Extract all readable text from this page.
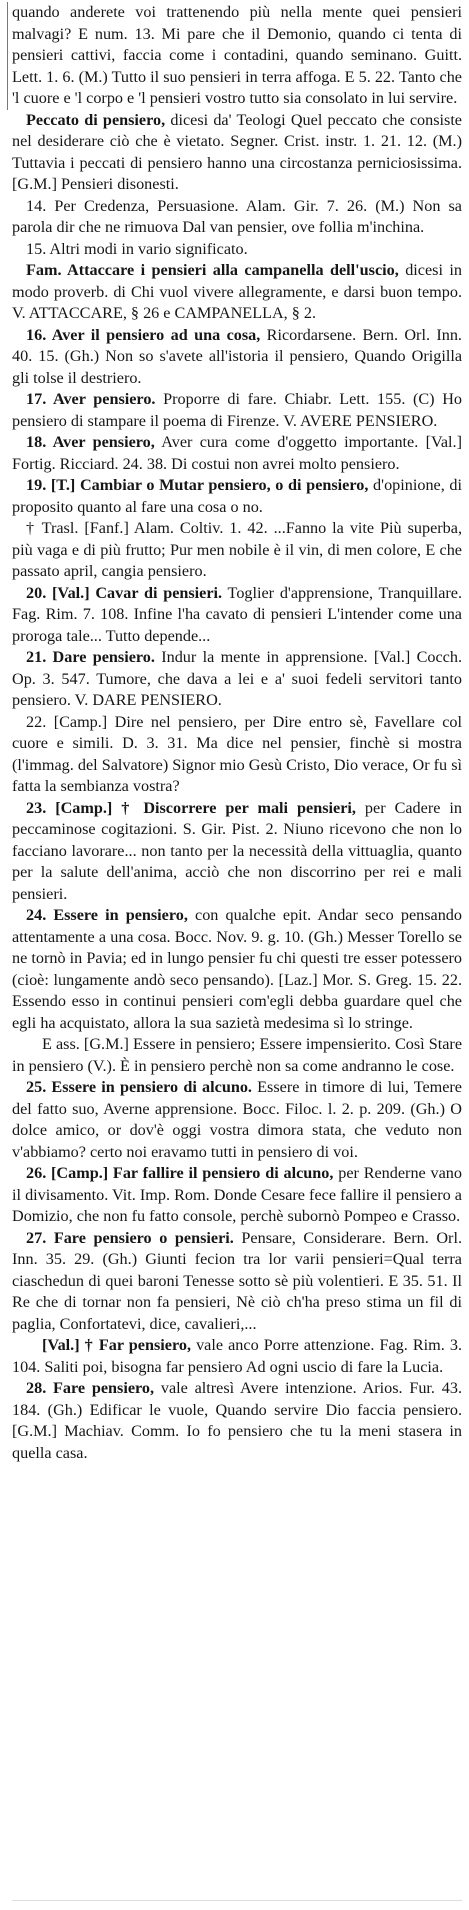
quando anderete voi trattenendo più nella mente quei pensieri malvagi? E num. 13. Mi pare che il Demonio, quando ci tenta di pensieri cattivi, faccia come i contadini, quando seminano. Guitt. Lett. 1. 6. (M.) Tutto il suo pensieri in terra affoga. E 5. 22. Tanto che 'l cuore e 'l corpo e 'l pensieri vostro tutto sia consolato in lui servire.

Peccato di pensiero, dicesi da' Teologi Quel peccato che consiste nel desiderare ciò che è vietato. Segner. Crist. instr. 1. 21. 12. (M.) Tuttavia i peccati di pensiero hanno una circostanza perniciosissima. [G.M.] Pensieri disonesti.

14. Per Credenza, Persuasione. Alam. Gir. 7. 26. (M.) Non sa parola dir che ne rimuova Dal van pensier, ove follia m'inchina.

15. Altri modi in vario significato.

Fam. Attaccare i pensieri alla campanella dell'uscio, dicesi in modo proverb. di Chi vuol vivere allegramente, e darsi buon tempo. V. ATTACCARE, § 26 e CAMPANELLA, § 2.

16. Aver il pensiero ad una cosa, Ricordarsene. Bern. Orl. Inn. 40. 15. (Gh.) Non so s'avete all'istoria il pensiero, Quando Origilla gli tolse il destriero.

17. Aver pensiero. Proporre di fare. Chiabr. Lett. 155. (C) Ho pensiero di stampare il poema di Firenze. V. AVERE PENSIERO.

18. Aver pensiero, Aver cura come d'oggetto importante. [Val.] Fortig. Ricciard. 24. 38. Di costui non avrei molto pensiero.

19. [T.] Cambiar o Mutar pensiero, o di pensiero, d'opinione, di proposito quanto al fare una cosa o no.

† Trasl. [Fanf.] Alam. Coltiv. 1. 42. ...Fanno la vite Più superba, più vaga e di più frutto; Pur men nobile è il vin, di men colore, E che passato april, cangia pensiero.

20. [Val.] Cavar di pensieri. Toglier d'apprensione, Tranquillare. Fag. Rim. 7. 108. Infine l'ha cavato di pensieri L'intender come una proroga tale... Tutto depende...

21. Dare pensiero. Indur la mente in apprensione. [Val.] Cocch. Op. 3. 547. Tumore, che dava a lei e a' suoi fedeli servitori tanto pensiero. V. DARE PENSIERO.

22. [Camp.] Dire nel pensiero, per Dire entro sè, Favellare col cuore e simili. D. 3. 31. Ma dice nel pensier, finchè si mostra (l'immag. del Salvatore) Signor mio Gesù Cristo, Dio verace, Or fu sì fatta la sembianza vostra?

23. [Camp.] † Discorrere per mali pensieri, per Cadere in peccaminose cogitazioni. S. Gir. Pist. 2. Niuno ricevono che non lo facciano lavorare... non tanto per la necessità della vittuaglia, quanto per la salute dell'anima, acciò che non discorrino per rei e mali pensieri.

24. Essere in pensiero, con qualche epit. Andar seco pensando attentamente a una cosa. Bocc. Nov. 9. g. 10. (Gh.) Messer Torello se ne tornò in Pavia; ed in lungo pensier fu chi questi tre esser potessero (cioè: lungamente andò seco pensando). [Laz.] Mor. S. Greg. 15. 22. Essendo esso in continui pensieri com'egli debba guardare quel che egli ha acquistato, allora la sua sazietà medesima sì lo stringe.

E ass. [G.M.] Essere in pensiero; Essere impensierito. Così Stare in pensiero (V.). È in pensiero perchè non sa come andranno le cose.

25. Essere in pensiero di alcuno. Essere in timore di lui, Temere del fatto suo, Averne apprensione. Bocc. Filoc. l. 2. p. 209. (Gh.) O dolce amico, or dov'è oggi vostra dimora stata, che veduto non v'abbiamo? certo noi eravamo tutti in pensiero di voi.

26. [Camp.] Far fallire il pensiero di alcuno, per Renderne vano il divisamento. Vit. Imp. Rom. Donde Cesare fece fallire il pensiero a Domizio, che non fu fatto console, perchè subornò Pompeo e Crasso.

27. Fare pensiero o pensieri. Pensare, Considerare. Bern. Orl. Inn. 35. 29. (Gh.) Giunti fecion tra lor varii pensieri=Qual terra ciaschedun di quei baroni Tenesse sotto sè più volentieri. E 35. 51. Il Re che di tornar non fa pensieri, Nè ciò ch'ha preso stima un fil di paglia, Confortatevi, dice, cavalieri,...

[Val.] † Far pensiero, vale anco Porre attenzione. Fag. Rim. 3. 104. Saliti poi, bisogna far pensiero Ad ogni uscio di fare la Lucia.

28. Fare pensiero, vale altresì Avere intenzione. Arios. Fur. 43. 184. (Gh.) Edificar le vuole, Quando servire Dio faccia pensiero. [G.M.] Machiav. Comm. Io fo pensiero che tu la meni stasera in quella casa.
